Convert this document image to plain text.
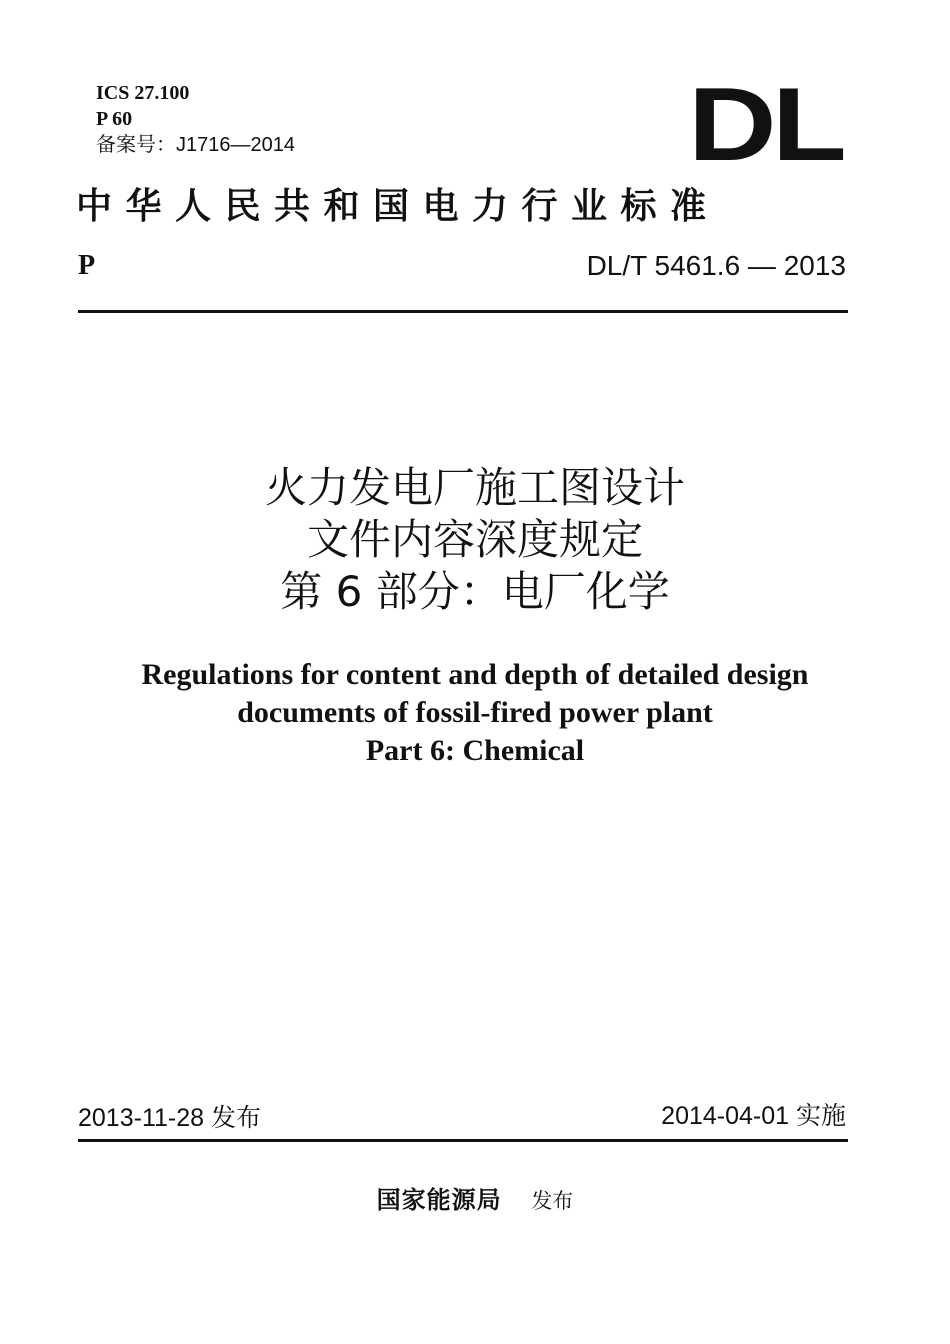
ICS 27.100
P 60
备案号：J1716—2014	DL
中华人民共和国电力行业标准
P	DL/T 5461.6 — 2013
火力发电厂施工图设计
文件内容深度规定
第 6 部分：电厂化学
Regulations for content and depth of detailed design
documents of fossil-fired power plant
Part 6: Chemical
2013-11-28 发布	2014-04-01 实施
国家能源局 发布
